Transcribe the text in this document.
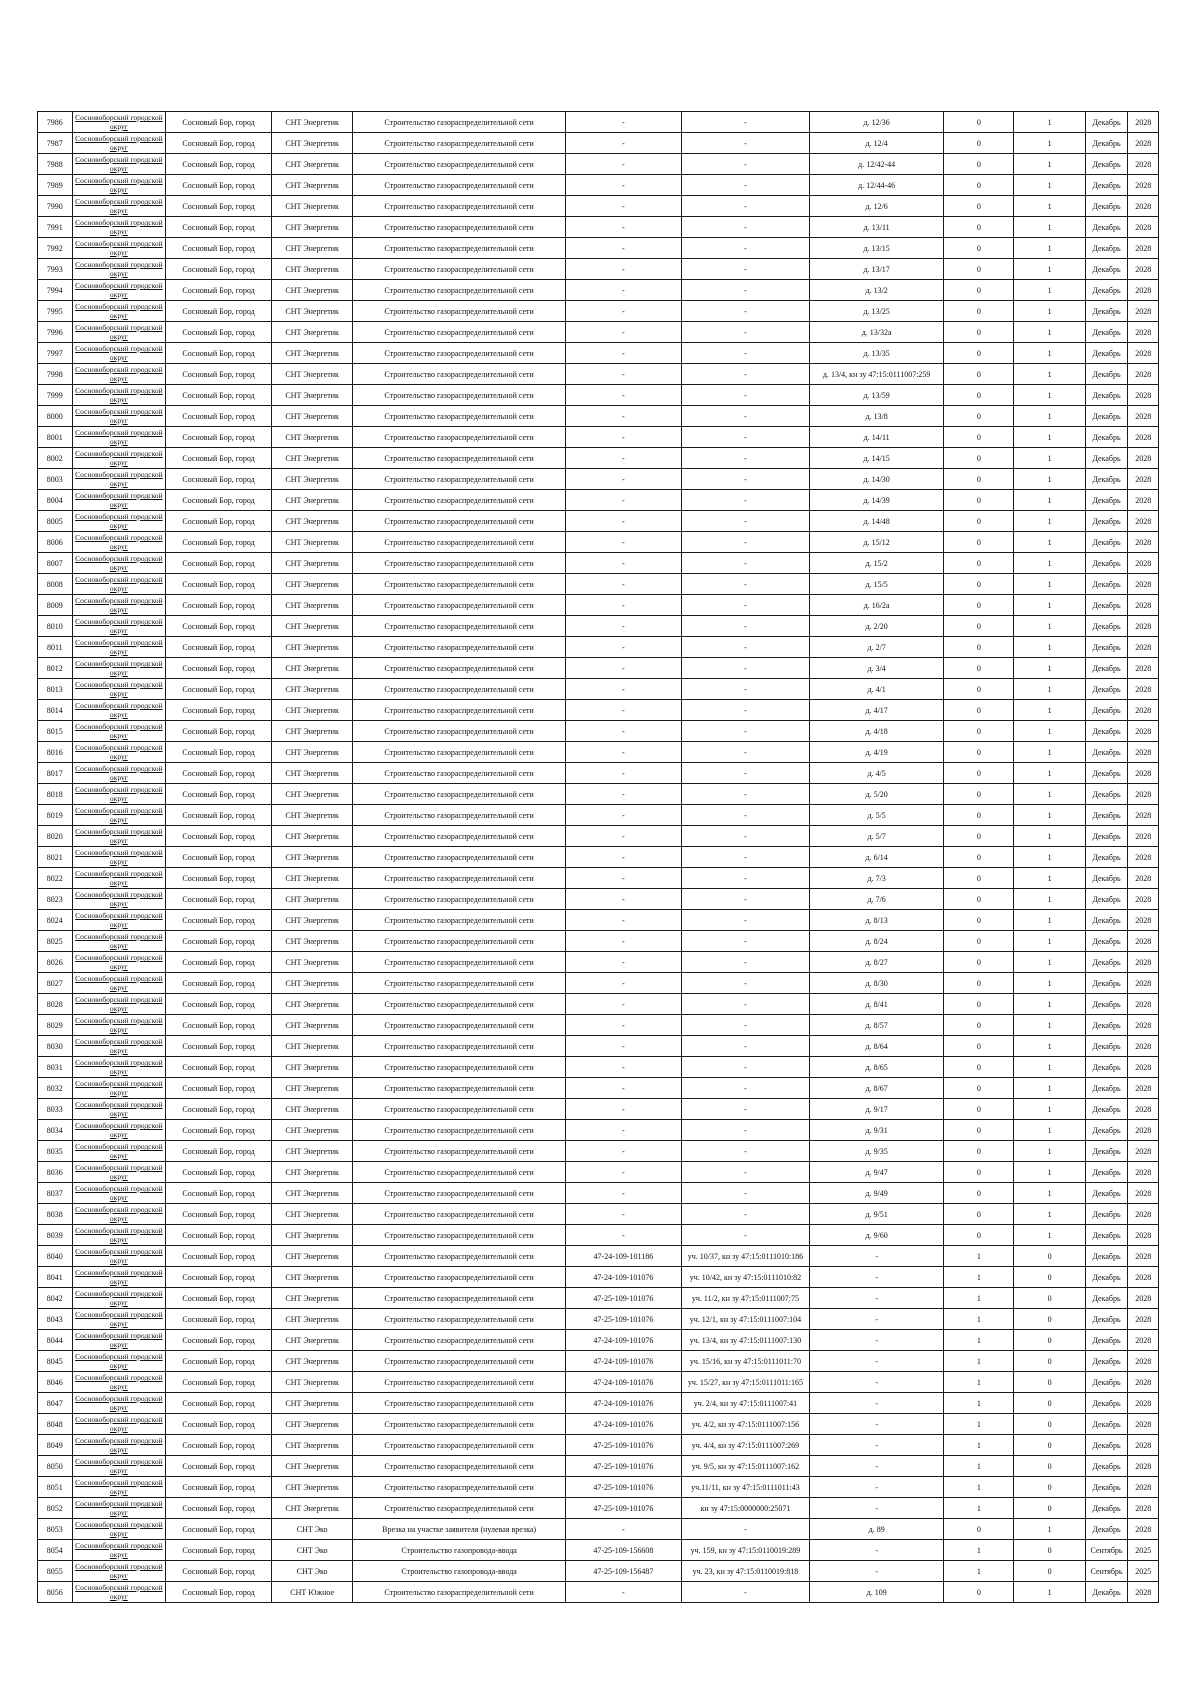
7986	Сосновоборский городской округ	Сосновый Бор, город	СНТ Энергетик	Строительство газораспределительной сети	-	-	д. 12/36	0	1	Декабрь	2028
7987	Сосновоборский городской округ	Сосновый Бор, город	СНТ Энергетик	Строительство газораспределительной сети	-	-	д. 12/4	0	1	Декабрь	2028
7988	Сосновоборский городской округ	Сосновый Бор, город	СНТ Энергетик	Строительство газораспределительной сети	-	-	д. 12/42-44	0	1	Декабрь	2028
7989	Сосновоборский городской округ	Сосновый Бор, город	СНТ Энергетик	Строительство газораспределительной сети	-	-	д. 12/44-46	0	1	Декабрь	2028
7990	Сосновоборский городской округ	Сосновый Бор, город	СНТ Энергетик	Строительство газораспределительной сети	-	-	д. 12/6	0	1	Декабрь	2028
7991	Сосновоборский городской округ	Сосновый Бор, город	СНТ Энергетик	Строительство газораспределительной сети	-	-	д. 13/11	0	1	Декабрь	2028
7992	Сосновоборский городской округ	Сосновый Бор, город	СНТ Энергетик	Строительство газораспределительной сети	-	-	д. 13/15	0	1	Декабрь	2028
7993	Сосновоборский городской округ	Сосновый Бор, город	СНТ Энергетик	Строительство газораспределительной сети	-	-	д. 13/17	0	1	Декабрь	2028
7994	Сосновоборский городской округ	Сосновый Бор, город	СНТ Энергетик	Строительство газораспределительной сети	-	-	д. 13/2	0	1	Декабрь	2028
7995	Сосновоборский городской округ	Сосновый Бор, город	СНТ Энергетик	Строительство газораспределительной сети	-	-	д. 13/25	0	1	Декабрь	2028
7996	Сосновоборский городской округ	Сосновый Бор, город	СНТ Энергетик	Строительство газораспределительной сети	-	-	д. 13/32а	0	1	Декабрь	2028
7997	Сосновоборский городской округ	Сосновый Бор, город	СНТ Энергетик	Строительство газораспределительной сети	-	-	д. 13/35	0	1	Декабрь	2028
7998	Сосновоборский городской округ	Сосновый Бор, город	СНТ Энергетик	Строительство газораспределительной сети	-	-	д. 13/4, кн зу 47:15:0111007:259	0	1	Декабрь	2028
7999	Сосновоборский городской округ	Сосновый Бор, город	СНТ Энергетик	Строительство газораспределительной сети	-	-	д. 13/59	0	1	Декабрь	2028
8000	Сосновоборский городской округ	Сосновый Бор, город	СНТ Энергетик	Строительство газораспределительной сети	-	-	д. 13/8	0	1	Декабрь	2028
8001	Сосновоборский городской округ	Сосновый Бор, город	СНТ Энергетик	Строительство газораспределительной сети	-	-	д. 14/11	0	1	Декабрь	2028
8002	Сосновоборский городской округ	Сосновый Бор, город	СНТ Энергетик	Строительство газораспределительной сети	-	-	д. 14/15	0	1	Декабрь	2028
8003	Сосновоборский городской округ	Сосновый Бор, город	СНТ Энергетик	Строительство газораспределительной сети	-	-	д. 14/30	0	1	Декабрь	2028
8004	Сосновоборский городской округ	Сосновый Бор, город	СНТ Энергетик	Строительство газораспределительной сети	-	-	д. 14/39	0	1	Декабрь	2028
8005	Сосновоборский городской округ	Сосновый Бор, город	СНТ Энергетик	Строительство газораспределительной сети	-	-	д. 14/48	0	1	Декабрь	2028
8006	Сосновоборский городской округ	Сосновый Бор, город	СНТ Энергетик	Строительство газораспределительной сети	-	-	д. 15/12	0	1	Декабрь	2028
8007	Сосновоборский городской округ	Сосновый Бор, город	СНТ Энергетик	Строительство газораспределительной сети	-	-	д. 15/2	0	1	Декабрь	2028
8008	Сосновоборский городской округ	Сосновый Бор, город	СНТ Энергетик	Строительство газораспределительной сети	-	-	д. 15/5	0	1	Декабрь	2028
8009	Сосновоборский городской округ	Сосновый Бор, город	СНТ Энергетик	Строительство газораспределительной сети	-	-	д. 16/2а	0	1	Декабрь	2028
8010	Сосновоборский городской округ	Сосновый Бор, город	СНТ Энергетик	Строительство газораспределительной сети	-	-	д. 2/20	0	1	Декабрь	2028
8011	Сосновоборский городской округ	Сосновый Бор, город	СНТ Энергетик	Строительство газораспределительной сети	-	-	д. 2/7	0	1	Декабрь	2028
8012	Сосновоборский городской округ	Сосновый Бор, город	СНТ Энергетик	Строительство газораспределительной сети	-	-	д. 3/4	0	1	Декабрь	2028
8013	Сосновоборский городской округ	Сосновый Бор, город	СНТ Энергетик	Строительство газораспределительной сети	-	-	д. 4/1	0	1	Декабрь	2028
8014	Сосновоборский городской округ	Сосновый Бор, город	СНТ Энергетик	Строительство газораспределительной сети	-	-	д. 4/17	0	1	Декабрь	2028
8015	Сосновоборский городской округ	Сосновый Бор, город	СНТ Энергетик	Строительство газораспределительной сети	-	-	д. 4/18	0	1	Декабрь	2028
8016	Сосновоборский городской округ	Сосновый Бор, город	СНТ Энергетик	Строительство газораспределительной сети	-	-	д. 4/19	0	1	Декабрь	2028
8017	Сосновоборский городской округ	Сосновый Бор, город	СНТ Энергетик	Строительство газораспределительной сети	-	-	д. 4/5	0	1	Декабрь	2028
8018	Сосновоборский городской округ	Сосновый Бор, город	СНТ Энергетик	Строительство газораспределительной сети	-	-	д. 5/20	0	1	Декабрь	2028
8019	Сосновоборский городской округ	Сосновый Бор, город	СНТ Энергетик	Строительство газораспределительной сети	-	-	д. 5/5	0	1	Декабрь	2028
8020	Сосновоборский городской округ	Сосновый Бор, город	СНТ Энергетик	Строительство газораспределительной сети	-	-	д. 5/7	0	1	Декабрь	2028
8021	Сосновоборский городской округ	Сосновый Бор, город	СНТ Энергетик	Строительство газораспределительной сети	-	-	д. 6/14	0	1	Декабрь	2028
8022	Сосновоборский городской округ	Сосновый Бор, город	СНТ Энергетик	Строительство газораспределительной сети	-	-	д. 7/3	0	1	Декабрь	2028
8023	Сосновоборский городской округ	Сосновый Бор, город	СНТ Энергетик	Строительство газораспределительной сети	-	-	д. 7/6	0	1	Декабрь	2028
8024	Сосновоборский городской округ	Сосновый Бор, город	СНТ Энергетик	Строительство газораспределительной сети	-	-	д. 8/13	0	1	Декабрь	2028
8025	Сосновоборский городской округ	Сосновый Бор, город	СНТ Энергетик	Строительство газораспределительной сети	-	-	д. 8/24	0	1	Декабрь	2028
8026	Сосновоборский городской округ	Сосновый Бор, город	СНТ Энергетик	Строительство газораспределительной сети	-	-	д. 8/27	0	1	Декабрь	2028
8027	Сосновоборский городской округ	Сосновый Бор, город	СНТ Энергетик	Строительство газораспределительной сети	-	-	д. 8/30	0	1	Декабрь	2028
8028	Сосновоборский городской округ	Сосновый Бор, город	СНТ Энергетик	Строительство газораспределительной сети	-	-	д. 8/41	0	1	Декабрь	2028
8029	Сосновоборский городской округ	Сосновый Бор, город	СНТ Энергетик	Строительство газораспределительной сети	-	-	д. 8/57	0	1	Декабрь	2028
8030	Сосновоборский городской округ	Сосновый Бор, город	СНТ Энергетик	Строительство газораспределительной сети	-	-	д. 8/64	0	1	Декабрь	2028
8031	Сосновоборский городской округ	Сосновый Бор, город	СНТ Энергетик	Строительство газораспределительной сети	-	-	д. 8/65	0	1	Декабрь	2028
8032	Сосновоборский городской округ	Сосновый Бор, город	СНТ Энергетик	Строительство газораспределительной сети	-	-	д. 8/67	0	1	Декабрь	2028
8033	Сосновоборский городской округ	Сосновый Бор, город	СНТ Энергетик	Строительство газораспределительной сети	-	-	д. 9/17	0	1	Декабрь	2028
8034	Сосновоборский городской округ	Сосновый Бор, город	СНТ Энергетик	Строительство газораспределительной сети	-	-	д. 9/31	0	1	Декабрь	2028
8035	Сосновоборский городской округ	Сосновый Бор, город	СНТ Энергетик	Строительство газораспределительной сети	-	-	д. 9/35	0	1	Декабрь	2028
8036	Сосновоборский городской округ	Сосновый Бор, город	СНТ Энергетик	Строительство газораспределительной сети	-	-	д. 9/47	0	1	Декабрь	2028
8037	Сосновоборский городской округ	Сосновый Бор, город	СНТ Энергетик	Строительство газораспределительной сети	-	-	д. 9/49	0	1	Декабрь	2028
8038	Сосновоборский городской округ	Сосновый Бор, город	СНТ Энергетик	Строительство газораспределительной сети	-	-	д. 9/51	0	1	Декабрь	2028
8039	Сосновоборский городской округ	Сосновый Бор, город	СНТ Энергетик	Строительство газораспределительной сети	-	-	д. 9/60	0	1	Декабрь	2028
8040	Сосновоборский городской округ	Сосновый Бор, город	СНТ Энергетик	Строительство газораспределительной сети	47-24-109-101186	уч. 10/37, кн зу 47:15:0111010:186	-	1	0	Декабрь	2028
8041	Сосновоборский городской округ	Сосновый Бор, город	СНТ Энергетик	Строительство газораспределительной сети	47-24-109-101076	уч. 10/42, кн зу 47:15:0111010:82	-	1	0	Декабрь	2028
8042	Сосновоборский городской округ	Сосновый Бор, город	СНТ Энергетик	Строительство газораспределительной сети	47-25-109-101076	уч. 11/2, кн зу 47:15:0111007:75	-	1	0	Декабрь	2028
8043	Сосновоборский городской округ	Сосновый Бор, город	СНТ Энергетик	Строительство газораспределительной сети	47-25-109-101076	уч. 12/1, кн зу 47:15:0111007:104	-	1	0	Декабрь	2028
8044	Сосновоборский городской округ	Сосновый Бор, город	СНТ Энергетик	Строительство газораспределительной сети	47-24-109-101076	уч. 13/4, кн зу 47:15:0111007:130	-	1	0	Декабрь	2028
8045	Сосновоборский городской округ	Сосновый Бор, город	СНТ Энергетик	Строительство газораспределительной сети	47-24-109-101076	уч. 15/16, кн зу 47:15:0111011:70	-	1	0	Декабрь	2028
8046	Сосновоборский городской округ	Сосновый Бор, город	СНТ Энергетик	Строительство газораспределительной сети	47-24-109-101076	уч. 15/27, кн зу 47:15:0111011:165	-	1	0	Декабрь	2028
8047	Сосновоборский городской округ	Сосновый Бор, город	СНТ Энергетик	Строительство газораспределительной сети	47-24-109-101076	уч. 2/4, кн зу 47:15:0111007:41	-	1	0	Декабрь	2028
8048	Сосновоборский городской округ	Сосновый Бор, город	СНТ Энергетик	Строительство газораспределительной сети	47-24-109-101076	уч. 4/2, кн зу 47:15:0111007:156	-	1	0	Декабрь	2028
8049	Сосновоборский городской округ	Сосновый Бор, город	СНТ Энергетик	Строительство газораспределительной сети	47-25-109-101076	уч. 4/4, кн зу 47:15:0111007:269	-	1	0	Декабрь	2028
8050	Сосновоборский городской округ	Сосновый Бор, город	СНТ Энергетик	Строительство газораспределительной сети	47-25-109-101076	уч. 9/5, кн зу 47:15:0111007:162	-	1	0	Декабрь	2028
8051	Сосновоборский городской округ	Сосновый Бор, город	СНТ Энергетик	Строительство газораспределительной сети	47-25-109-101076	уч.11/11, кн зу 47:15:0111011:43	-	1	0	Декабрь	2028
8052	Сосновоборский городской округ	Сосновый Бор, город	СНТ Энергетик	Строительство газораспределительной сети	47-25-109-101076	кн зу 47:15:0000000:25071	-	1	0	Декабрь	2028
8053	Сосновоборский городской округ	Сосновый Бор, город	СНТ Эко	Врезка на участке заявителя (нулевая врезка)	-	-	д. 89	0	1	Декабрь	2028
8054	Сосновоборский городской округ	Сосновый Бор, город	СНТ Эко	Строительство газопровода-ввода	47-25-109-156608	уч. 159, кн зу 47:15:0110019:289	-	1	0	Сентябрь	2025
8055	Сосновоборский городской округ	Сосновый Бор, город	СНТ Эко	Строительство газопровода-ввода	47-25-109-156487	уч. 23, кн зу 47:15:0110019:818	-	1	0	Сентябрь	2025
8056	Сосновоборский городской округ	Сосновый Бор, город	СНТ Южное	Строительство газораспределительной сети	-	-	д. 109	0	1	Декабрь	2028
